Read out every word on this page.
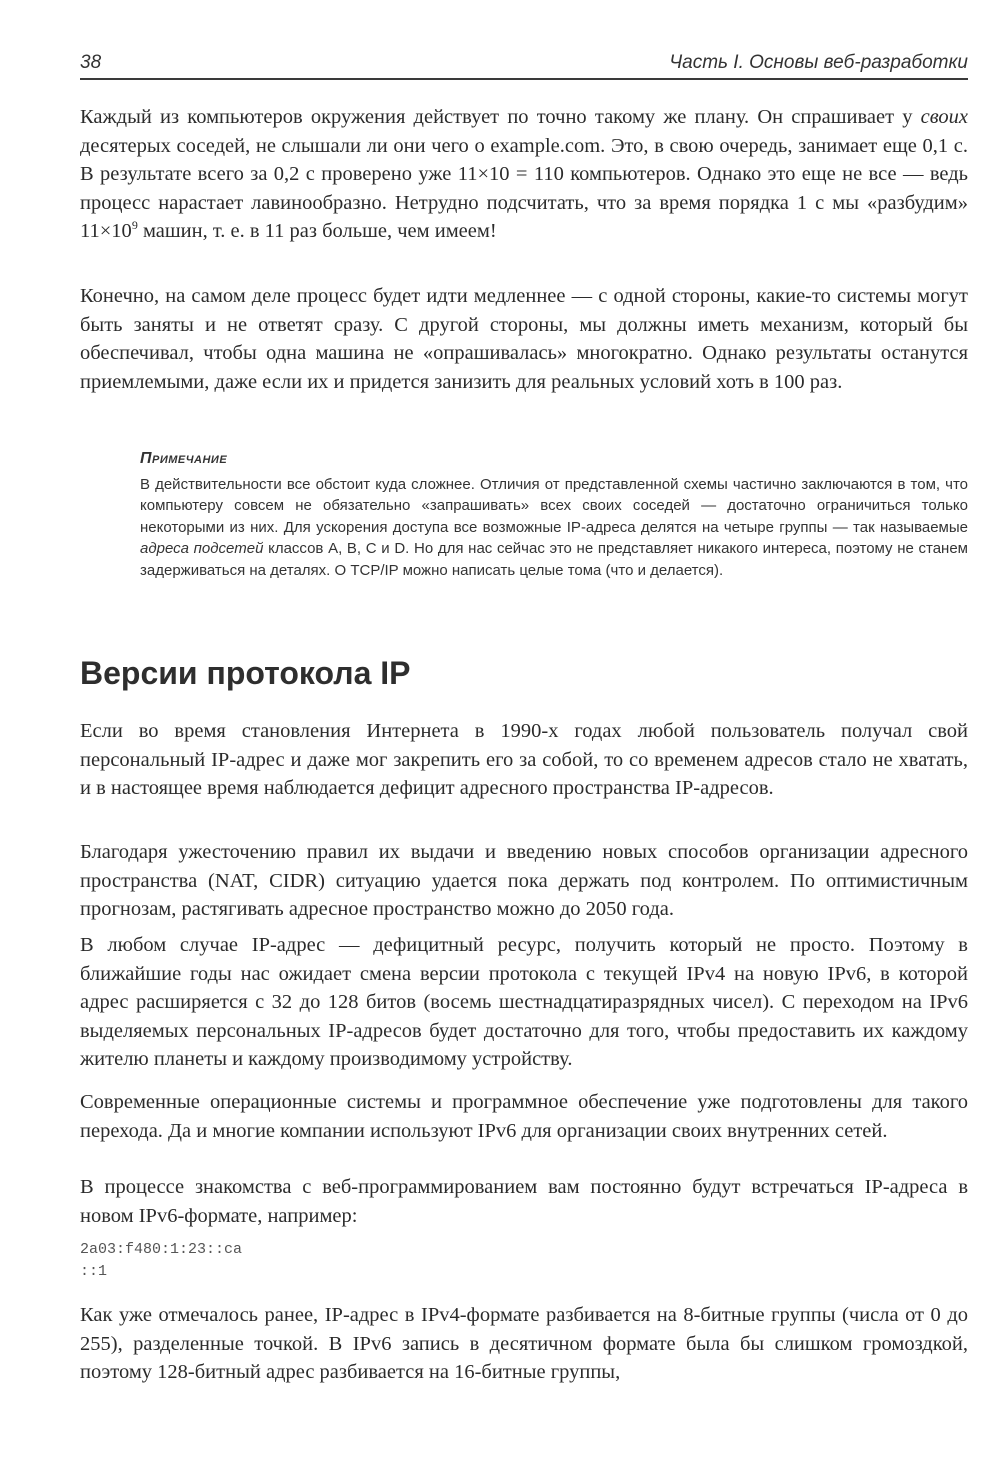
38	Часть I. Основы веб-разработки

Каждый из компьютеров окружения действует по точно такому же плану. Он спрашивает у своих десятерых соседей, не слышали ли они чего о example.com. Это, в свою очередь, занимает еще 0,1 с. В результате всего за 0,2 с проверено уже 11×10 = 110 компьютеров. Однако это еще не все — ведь процесс нарастает лавинообразно. Нетрудно подсчитать, что за время порядка 1 с мы «разбудим» $11\times 10^9$ машин, т. е. в 11 раз больше, чем имеем!

Конечно, на самом деле процесс будет идти медленнее — с одной стороны, какие-то системы могут быть заняты и не ответят сразу. С другой стороны, мы должны иметь механизм, который бы обеспечивал, чтобы одна машина не «опрашивалась» многократно. Однако результаты останутся приемлемыми, даже если их и придется занизить для реальных условий хоть в 100 раз.

Примечание
В действительности все обстоит куда сложнее. Отличия от представленной схемы частично заключаются в том, что компьютеру совсем не обязательно «запрашивать» всех своих соседей — достаточно ограничиться только некоторыми из них. Для ускорения доступа все возможные IP-адреса делятся на четыре группы — так называемые адреса подсетей классов A, B, C и D. Но для нас сейчас это не представляет никакого интереса, поэтому не станем задерживаться на деталях. О TCP/IP можно написать целые тома (что и делается).
Версии протокола IP

Если во время становления Интернета в 1990-х годах любой пользователь получал свой персональный IP-адрес и даже мог закрепить его за собой, то со временем адресов стало не хватать, и в настоящее время наблюдается дефицит адресного пространства IP-адресов.

Благодаря ужесточению правил их выдачи и введению новых способов организации адресного пространства (NAT, CIDR) ситуацию удается пока держать под контролем. По оптимистичным прогнозам, растягивать адресное пространство можно до 2050 года.

В любом случае IP-адрес — дефицитный ресурс, получить который не просто. Поэтому в ближайшие годы нас ожидает смена версии протокола с текущей IPv4 на новую IPv6, в которой адрес расширяется с 32 до 128 битов (восемь шестнадцатиразрядных чисел). С переходом на IPv6 выделяемых персональных IP-адресов будет достаточно для того, чтобы предоставить их каждому жителю планеты и каждому производимому устройству.

Современные операционные системы и программное обеспечение уже подготовлены для такого перехода. Да и многие компании используют IPv6 для организации своих внутренних сетей.

В процессе знакомства с веб-программированием вам постоянно будут встречаться IP-адреса в новом IPv6-формате, например:

2a03:f480:1:23::ca
::1

Как уже отмечалось ранее, IP-адрес в IPv4-формате разбивается на 8-битные группы (числа от 0 до 255), разделенные точкой. В IPv6 запись в десятичном формате была бы слишком громоздкой, поэтому 128-битный адрес разбивается на 16-битные группы,
